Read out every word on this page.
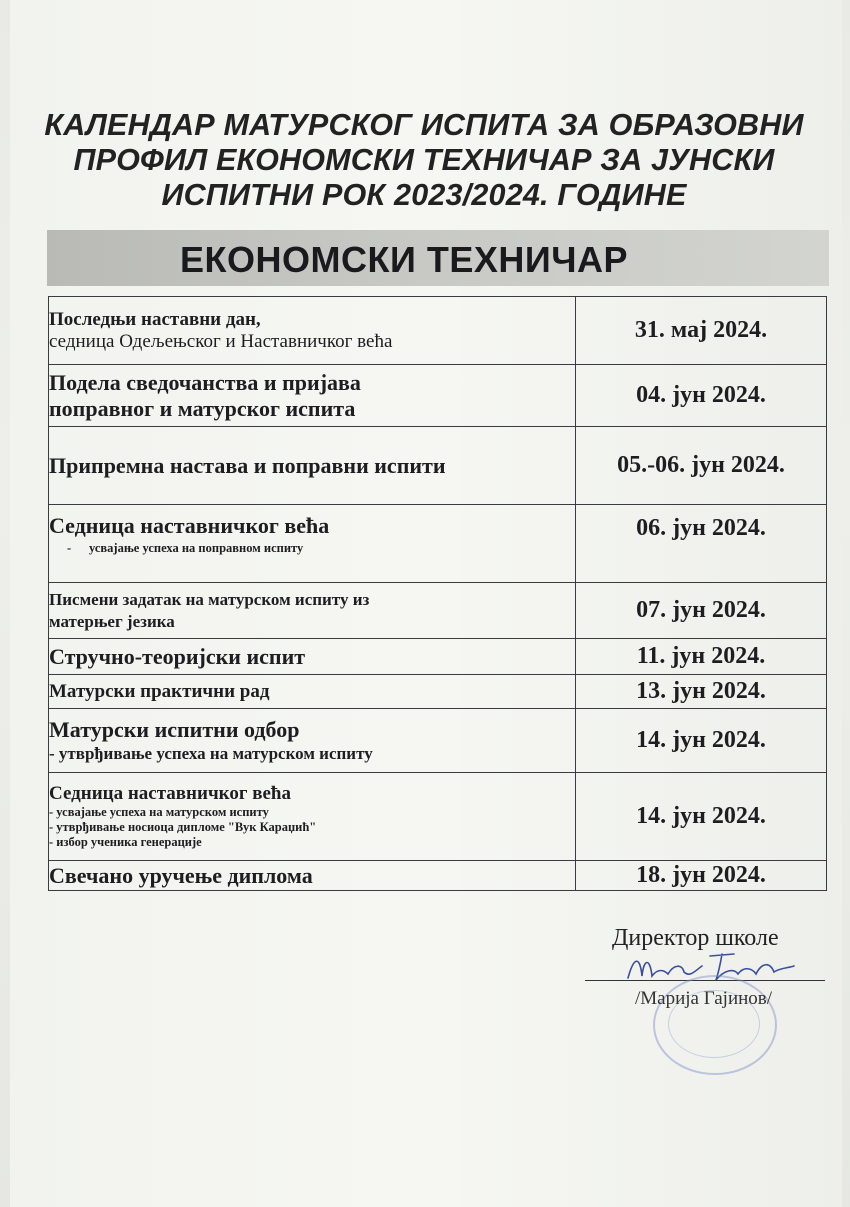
КАЛЕНДАР МАТУРСКОГ ИСПИТА ЗА ОБРАЗОВНИ
ПРОФИЛ ЕКОНОМСКИ ТЕХНИЧАР ЗА ЈУНСКИ
ИСПИТНИ РОК 2023/2024. ГОДИНЕ
ЕКОНОМСКИ ТЕХНИЧАР
Последњи наставни дан,
седница Одељењског и Наставничког већа	31. мај 2024.

Подела сведочанства и пријава
поправног и матурског испита	04. јун 2024.

Припремна настава и поправни испити	05.-06. јун 2024.

Седница наставничког већа
- усвајање успеха на поправном испиту	06. јун 2024.

Писмени задатак на матурском испиту из
матерњег језика	07. јун 2024.

Стручно-теоријски испит	11. јун 2024.

Матурски практични рад	13. јун 2024.

Матурски испитни одбор
- утврђивање успеха на матурском испиту	14. јун 2024.

Седница наставничког већа
- усвајање успеха на матурском испиту
- утврђивање носиоца дипломе "Вук Караџић"
- избор ученика генерације	14. јун 2024.

Свечано уручење диплома	18. јун 2024.
Директор школе
/Марија Гајинов/
